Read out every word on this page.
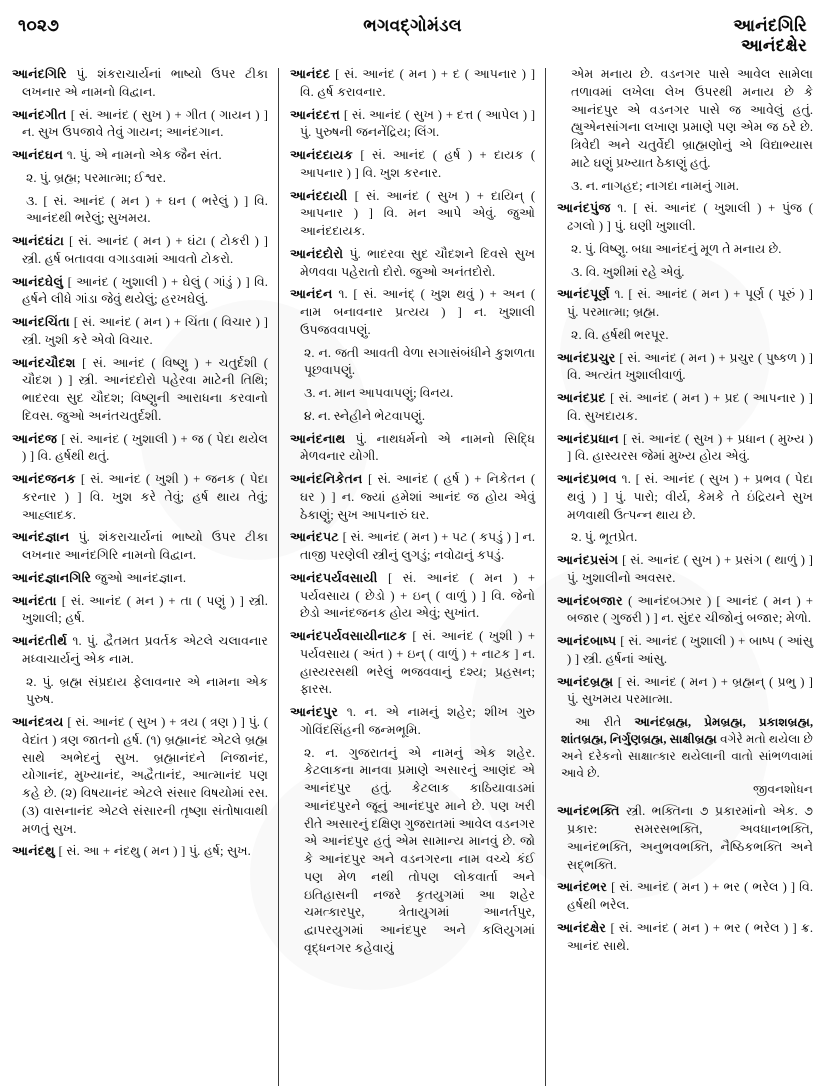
૧૦૨૭	ભગવદ્ગોમંડલ	આનંદગિરિ
આનંદક્ષેર

આનંદગિરિ પું. શંકરાચાર્યનાં ભાષ્યો ઉપર ટીકા લખનાર એ નામનો વિદ્વાન.

આનંદગીત [ સં. આનંદ ( સુખ ) + ગીત ( ગાયન ) ] ન. સુખ ઉપજાવે તેવું ગાયન; આનંદગાન.

આનંદઘન ૧. પું. એ નામનો એક જૈન સંત.

૨. પું. બ્રહ્મ; પરમાત્મા; ઈશ્વર.

૩. [ સં. આનંદ ( મન ) + ઘન ( ભરેલું ) ] વિ. આનંદથી ભરેલું; સુખમય.

આનંદઘંટા [ સં. આનંદ ( મન ) + ઘંટા ( ટોકરી ) ] સ્ત્રી. હર્ષ બતાવવા વગાડવામાં આવતો ટોકરો.

આનંદઘેલું [ આનંદ ( ખુશાલી ) + ઘેલું ( ગાંડું ) ] વિ. હર્ષને લીધે ગાંડા જેવું થયેલું; હરખઘેલું.

આનંદચિંતા [ સં. આનંદ ( મન ) + ચિંતા ( વિચાર ) ] સ્ત્રી. ખુશી કરે એવો વિચાર.

આનંદચૌદશ [ સં. આનંદ ( વિષ્ણુ ) + ચતુર્દશી ( ચૌદશ ) ] સ્ત્રી. આનંદદોરો પહેરવા માટેની તિથિ; ભાદરવા સુદ ચૌદશ; વિષ્ણુની આરાધના કરવાનો દિવસ. જુઓ અનંતચતુર્દશી.

આનંદજ [ સં. આનંદ ( ખુશાલી ) + જ ( પેદા થયેલ ) ] વિ. હર્ષથી થતું.

આનંદજનક [ સં. આનંદ ( ખુશી ) + જનક ( પેદા કરનાર ) ] વિ. ખુશ કરે તેવું; હર્ષ થાય તેવું; આહ્લાદક.

આનંદજ્ઞાન પું. શંકરાચાર્યનાં ભાષ્યો ઉપર ટીકા લખનાર આનંદગિરિ નામનો વિદ્વાન.

આનંદજ્ઞાનગિરિ જુઓ આનંદજ્ઞાન.

આનંદતા [ સં. આનંદ ( મન ) + તા ( પણું ) ] સ્ત્રી. ખુશાલી; હર્ષ.

આનંદતીર્થ ૧. પું. દ્વૈતમત પ્રવર્તક એટલે ચલાવનાર મધ્વાચાર્યનું એક નામ.

૨. પું. બ્રહ્મ સંપ્રદાય ફેલાવનાર એ નામના એક પુરુષ.

આનંદત્રય [ સં. આનંદ ( સુખ ) + ત્રય ( ત્રણ ) ] પું. ( વેદાંત ) ત્રણ જાતનો હર્ષ. (૧) બ્રહ્માનંદ એટલે બ્રહ્મ સાથે અભેદનું સુખ. બ્રહ્માનંદને નિજાનંદ, યોગાનંદ, મુખ્યાનંદ, અદ્વૈતાનંદ, આત્માનંદ પણ કહે છે. (૨) વિષયાનંદ એટલે સંસાર વિષયોમાં રસ. (૩) વાસનાનંદ એટલે સંસારની તૃષ્ણા સંતોષાવાથી મળતું સુખ.

આનંદથુ [ સં. આ + નંદથુ ( મન ) ] પું. હર્ષ; સુખ.

આનંદદ [ સં. આનંદ ( મન ) + દ ( આપનાર ) ] વિ. હર્ષ કરાવનાર.

આનંદદત્ત [ સં. આનંદ ( સુખ ) + દત્ત ( આપેલ ) ] પું. પુરુષની જનનેંદ્રિય; લિંગ.

આનંદદાયક [ સં. આનંદ ( હર્ષ ) + દાયક ( આપનાર ) ] વિ. ખુશ કરનાર.

આનંદદાયી [ સં. આનંદ ( સુખ ) + દાયિન્ ( આપનાર ) ] વિ. મન આપે એવું. જુઓ આનંદદાયક.

આનંદદોરો પું. ભાદરવા સુદ ચૌદશને દિવસે સુખ મેળવવા પહેરાતો દોરો. જુઓ અનંતદોરો.

આનંદન ૧. [ સં. આનંદ્ ( ખુશ થવું ) + અન ( નામ બનાવનાર પ્રત્યય ) ] ન. ખુશાલી ઉપજવવાપણું.

૨. ન. જતી આવતી વેળા સગાસંબંધીને કુશળતા પૂછવાપણું.

૩. ન. માન આપવાપણું; વિનય.

૪. ન. સ્નેહીને ભેટવાપણું.

આનંદનાથ પું. નાથધર્મનો એ નામનો સિદ્ધિ મેળવનાર યોગી.

આનંદનિકેતન [ સં. આનંદ ( હર્ષ ) + નિકેતન ( ઘર ) ] ન. જ્યાં હમેશાં આનંદ જ હોય એવું ઠેકાણું; સુખ આપનારું ઘર.

આનંદપટ [ સં. આનંદ ( મન ) + પટ ( કપડું ) ] ન. તાજી પરણેલી સ્ત્રીનું લુગડું; નવોઢાનું કપડું.

આનંદપર્યવસાયી [ સં. આનંદ ( મન ) + પર્યવસાય ( છેડો ) + ઇન્ ( વાળું ) ] વિ. જેનો છેડો આનંદજનક હોય એવું; સુખાંત.

આનંદપર્યવસાયીનાટક [ સં. આનંદ ( ખુશી ) + પર્યવસાય ( અંત ) + ઇન્ ( વાળું ) + નાટક ] ન. હાસ્યરસથી ભરેલું ભજવવાનું દશ્ય; પ્રહસન; ફારસ.

આનંદપુર ૧. ન. એ નામનું શહેર; શીખ ગુરુ ગોવિંદસિંહની જન્મભૂમિ.

૨. ન. ગુજરાતનું એ નામનું એક શહેર. કેટલાકના માનવા પ્રમાણે અસારનું આણંદ એ આનંદપુર હતું. કેટલાક કાઠિયાવાડમાં આનંદપુરને જૂનું આનંદપુર માને છે. પણ ખરી રીતે અસારનું દક્ષિણ ગુજરાતમાં આવેલ વડનગર એ આનંદપુર હતું એમ સામાન્ય માનવું છે. જો કે આનંદપુર અને વડનગરના નામ વચ્ચે કંઈ પણ મેળ નથી તોપણ લોકવાર્તા અને ઇતિહાસની નજરે કૃતયુગમાં આ શહેર ચમત્કારપુર, ત્રેતાયુગમાં આનર્તપુર, દ્વાપરયુગમાં આનંદપુર અને કલિયુગમાં વૃદ્ધનગર કહેવાયું

એમ મનાય છે. વડનગર પાસે આવેલ સામેલા તળાવમાં લખેલા લેખ ઉપરથી મનાય છે કે આનંદપુર એ વડનગર પાસે જ આવેલું હતું. હ્યુએનસાંગના લખાણ પ્રમાણે પણ એમ જ ઠરે છે. ત્રિવેદી અને ચતુર્વેદી બ્રાહ્મણોનું એ વિદ્યાભ્યાસ માટે ઘણું પ્રખ્યાત ઠેકાણું હતું.

૩. ન. નાગહદ; નાગદા નામનું ગામ.

આનંદપુંજ ૧. [ સં. આનંદ ( ખુશાલી ) + પુંજ ( ઢગલો ) ] પું. ઘણી ખુશાલી.

૨. પું. વિષ્ણુ. બધા આનંદનું મૂળ તે મનાય છે.

૩. વિ. ખુશીમાં રહે એવું.

આનંદપૂર્ણ ૧. [ સં. આનંદ ( મન ) + પૂર્ણ ( પૂરું ) ] પું. પરમાત્મા; બ્રહ્મ.

૨. વિ. હર્ષથી ભરપૂર.

આનંદપ્રચુર [ સં. આનંદ ( મન ) + પ્રચુર ( પુષ્કળ ) ] વિ. અત્યંત ખુશાલીવાળું.

આનંદપ્રદ [ સં. આનંદ ( મન ) + પ્રદ ( આપનાર ) ] વિ. સુખદાયક.

આનંદપ્રધાન [ સં. આનંદ ( સુખ ) + પ્રધાન ( મુખ્ય ) ] વિ. હાસ્યરસ જેમાં મુખ્ય હોય એવું.

આનંદપ્રભવ ૧. [ સં. આનંદ ( સુખ ) + પ્રભવ ( પેદા થવું ) ] પું. પારો; વીર્ય, કેમકે તે ઇંદ્રિયને સુખ મળવાથી ઉત્પન્ન થાય છે.

૨. પું. ભૂતપ્રેત.

આનંદપ્રસંગ [ સં. આનંદ ( સુખ ) + પ્રસંગ ( થાળું ) ] પું. ખુશાલીનો અવસર.

આનંદબજાર ( આનંદબઝાર ) [ આનંદ ( મન ) + બજાર ( ગુજરી ) ] ન. સુંદર ચીજોનું બજાર; મેળો.

આનંદબાષ્પ [ સં. આનંદ ( ખુશાલી ) + બાષ્પ ( આંસુ ) ] સ્ત્રી. હર્ષનાં આંસુ.

આનંદબ્રહ્મ [ સં. આનંદ ( મન ) + બ્રહ્મન્ ( પ્રભુ ) ] પું. સુખમય પરમાત્મા.

આ રીતે આનંદબ્રહ્મ, પ્રેમબ્રહ્મ, પ્રકાશબ્રહ્મ, શાંતબ્રહ્મ, નિર્ગુણબ્રહ્મ, સાક્ષીબ્રહ્મ વગેરે મતો થયેલા છે અને દરેકનો સાક્ષાત્કાર થયેલાની વાતો સાંભળવામાં આવે છે.
જીવનશોધન

આનંદભક્તિ સ્ત્રી. ભક્તિના ૭ પ્રકારમાંનો એક. ૭ પ્રકાર: સમરસભક્તિ, અવધાનભક્તિ, આનંદભક્તિ, અનુભવભક્તિ, નૈષ્ઠિકભક્તિ અને સદ્ભક્તિ.

આનંદભર [ સં. આનંદ ( મન ) + ભર ( ભરેલ ) ] વિ. હર્ષથી ભરેલ.

આનંદક્ષેર [ સં. આનંદ ( મન ) + ભર ( ભરેલ ) ] ક્ર. આનંદ સાથે.
